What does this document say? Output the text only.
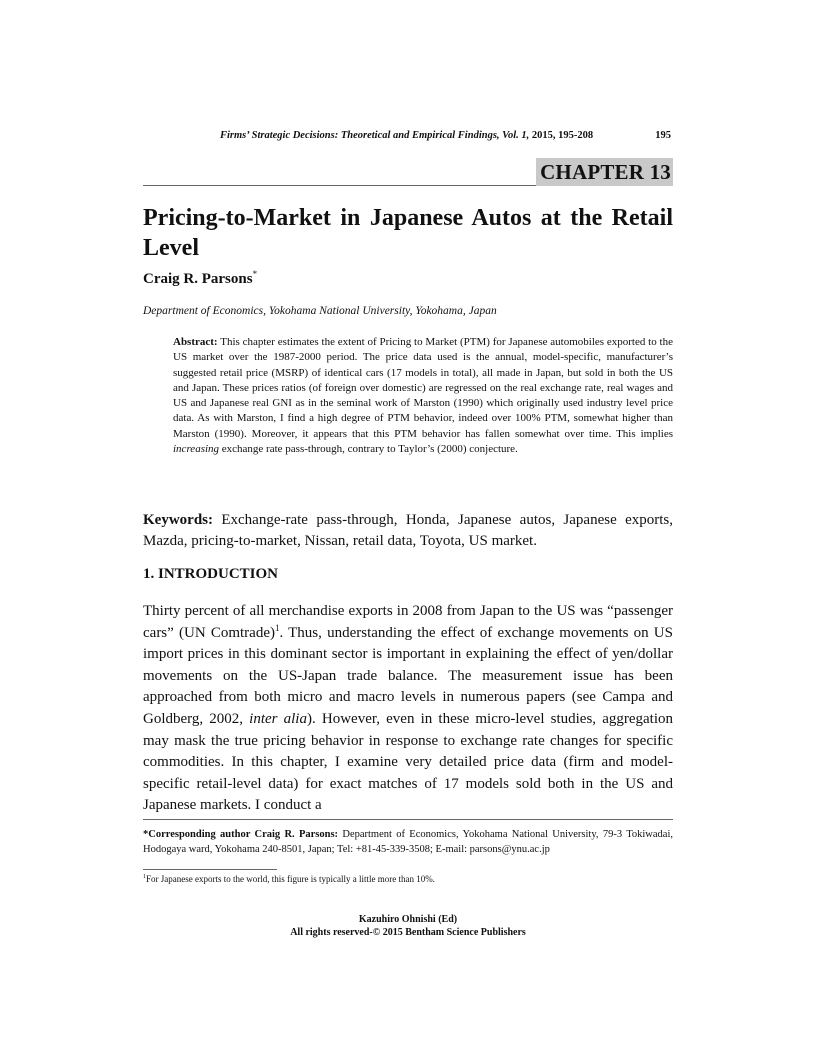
Firms’ Strategic Decisions: Theoretical and Empirical Findings, Vol. 1, 2015, 195-208	195
CHAPTER 13
Pricing-to-Market in Japanese Autos at the Retail Level
Craig R. Parsons*
Department of Economics, Yokohama National University, Yokohama, Japan

Abstract: This chapter estimates the extent of Pricing to Market (PTM) for Japanese automobiles exported to the US market over the 1987-2000 period. The price data used is the annual, model-specific, manufacturer’s suggested retail price (MSRP) of identical cars (17 models in total), all made in Japan, but sold in both the US and Japan. These prices ratios (of foreign over domestic) are regressed on the real exchange rate, real wages and US and Japanese real GNI as in the seminal work of Marston (1990) which originally used industry level price data. As with Marston, I find a high degree of PTM behavior, indeed over 100% PTM, somewhat higher than Marston (1990). Moreover, it appears that this PTM behavior has fallen somewhat over time. This implies increasing exchange rate pass-through, contrary to Taylor’s (2000) conjecture.

Keywords: Exchange-rate pass-through, Honda, Japanese autos, Japanese exports, Mazda, pricing-to-market, Nissan, retail data, Toyota, US market.

1. INTRODUCTION

Thirty percent of all merchandise exports in 2008 from Japan to the US was “passenger cars” (UN Comtrade)$^1$. Thus, understanding the effect of exchange movements on US import prices in this dominant sector is important in explaining the effect of yen/dollar movements on the US-Japan trade balance. The measurement issue has been approached from both micro and macro levels in numerous papers (see Campa and Goldberg, 2002, inter alia). However, even in these micro-level studies, aggregation may mask the true pricing behavior in response to exchange rate changes for specific commodities. In this chapter, I examine very detailed price data (firm and model-specific retail-level data) for exact matches of 17 models sold both in the US and Japanese markets. I conduct a

*Corresponding author Craig R. Parsons: Department of Economics, Yokohama National University, 79-3 Tokiwadai, Hodogaya ward, Yokohama 240-8501, Japan; Tel: +81-45-339-3508; E-mail: parsons@ynu.ac.jp

$^1$For Japanese exports to the world, this figure is typically a little more than 10%.

Kazuhiro Ohnishi (Ed)
All rights reserved-© 2015 Bentham Science Publishers
